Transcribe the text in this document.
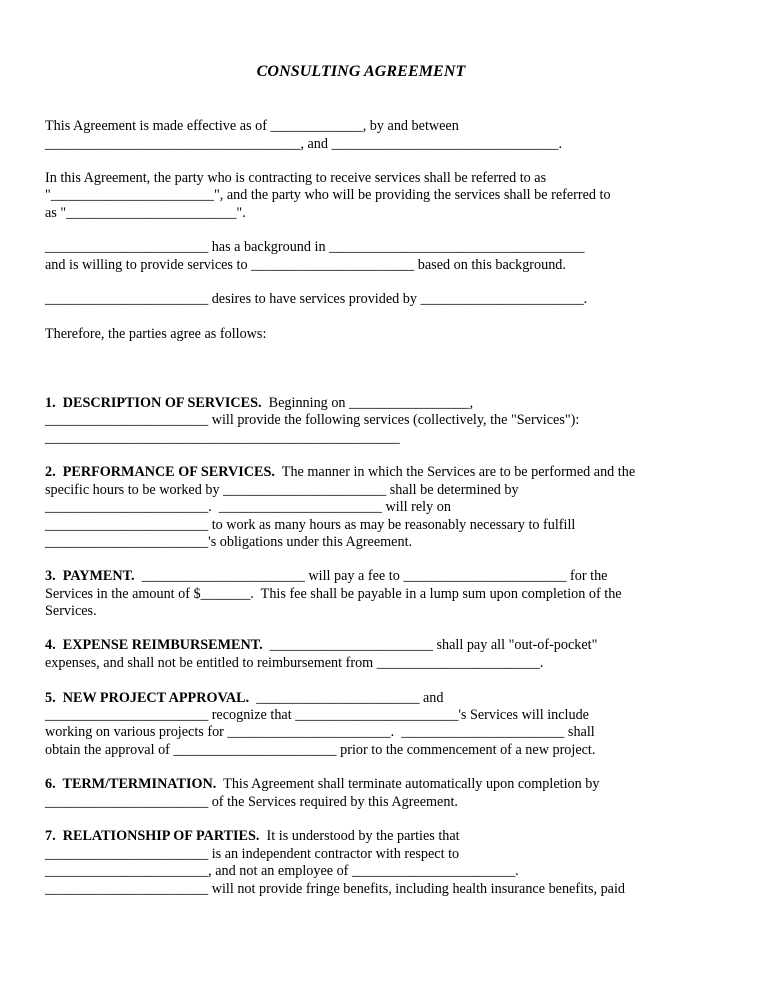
CONSULTING AGREEMENT
This Agreement is made effective as of _____________, by and between
____________________________________, and ________________________________.
In this Agreement, the party who is contracting to receive services shall be referred to as
"_______________________", and the party who will be providing the services shall be referred to
as "________________________".
_______________________ has a background in ____________________________________
and is willing to provide services to _______________________ based on this background.
_______________________ desires to have services provided by _______________________.
Therefore, the parties agree as follows:
1.  DESCRIPTION OF SERVICES.  Beginning on _________________,
_______________________ will provide the following services (collectively, the "Services"):
__________________________________________________
2.  PERFORMANCE OF SERVICES.  The manner in which the Services are to be performed and the
specific hours to be worked by _______________________ shall be determined by
_______________________.  _______________________ will rely on
_______________________ to work as many hours as may be reasonably necessary to fulfill
_______________________'s obligations under this Agreement.
3.  PAYMENT.  _______________________ will pay a fee to _______________________ for the
Services in the amount of $_______.  This fee shall be payable in a lump sum upon completion of the
Services.
4.  EXPENSE REIMBURSEMENT.  _______________________ shall pay all "out-of-pocket"
expenses, and shall not be entitled to reimbursement from _______________________.
5.  NEW PROJECT APPROVAL.  _______________________ and
_______________________ recognize that _______________________'s Services will include
working on various projects for _______________________.  _______________________ shall
obtain the approval of _______________________ prior to the commencement of a new project.
6.  TERM/TERMINATION.  This Agreement shall terminate automatically upon completion by
_______________________ of the Services required by this Agreement.
7.  RELATIONSHIP OF PARTIES.  It is understood by the parties that
_______________________ is an independent contractor with respect to
_______________________, and not an employee of _______________________.
_______________________ will not provide fringe benefits, including health insurance benefits, paid
